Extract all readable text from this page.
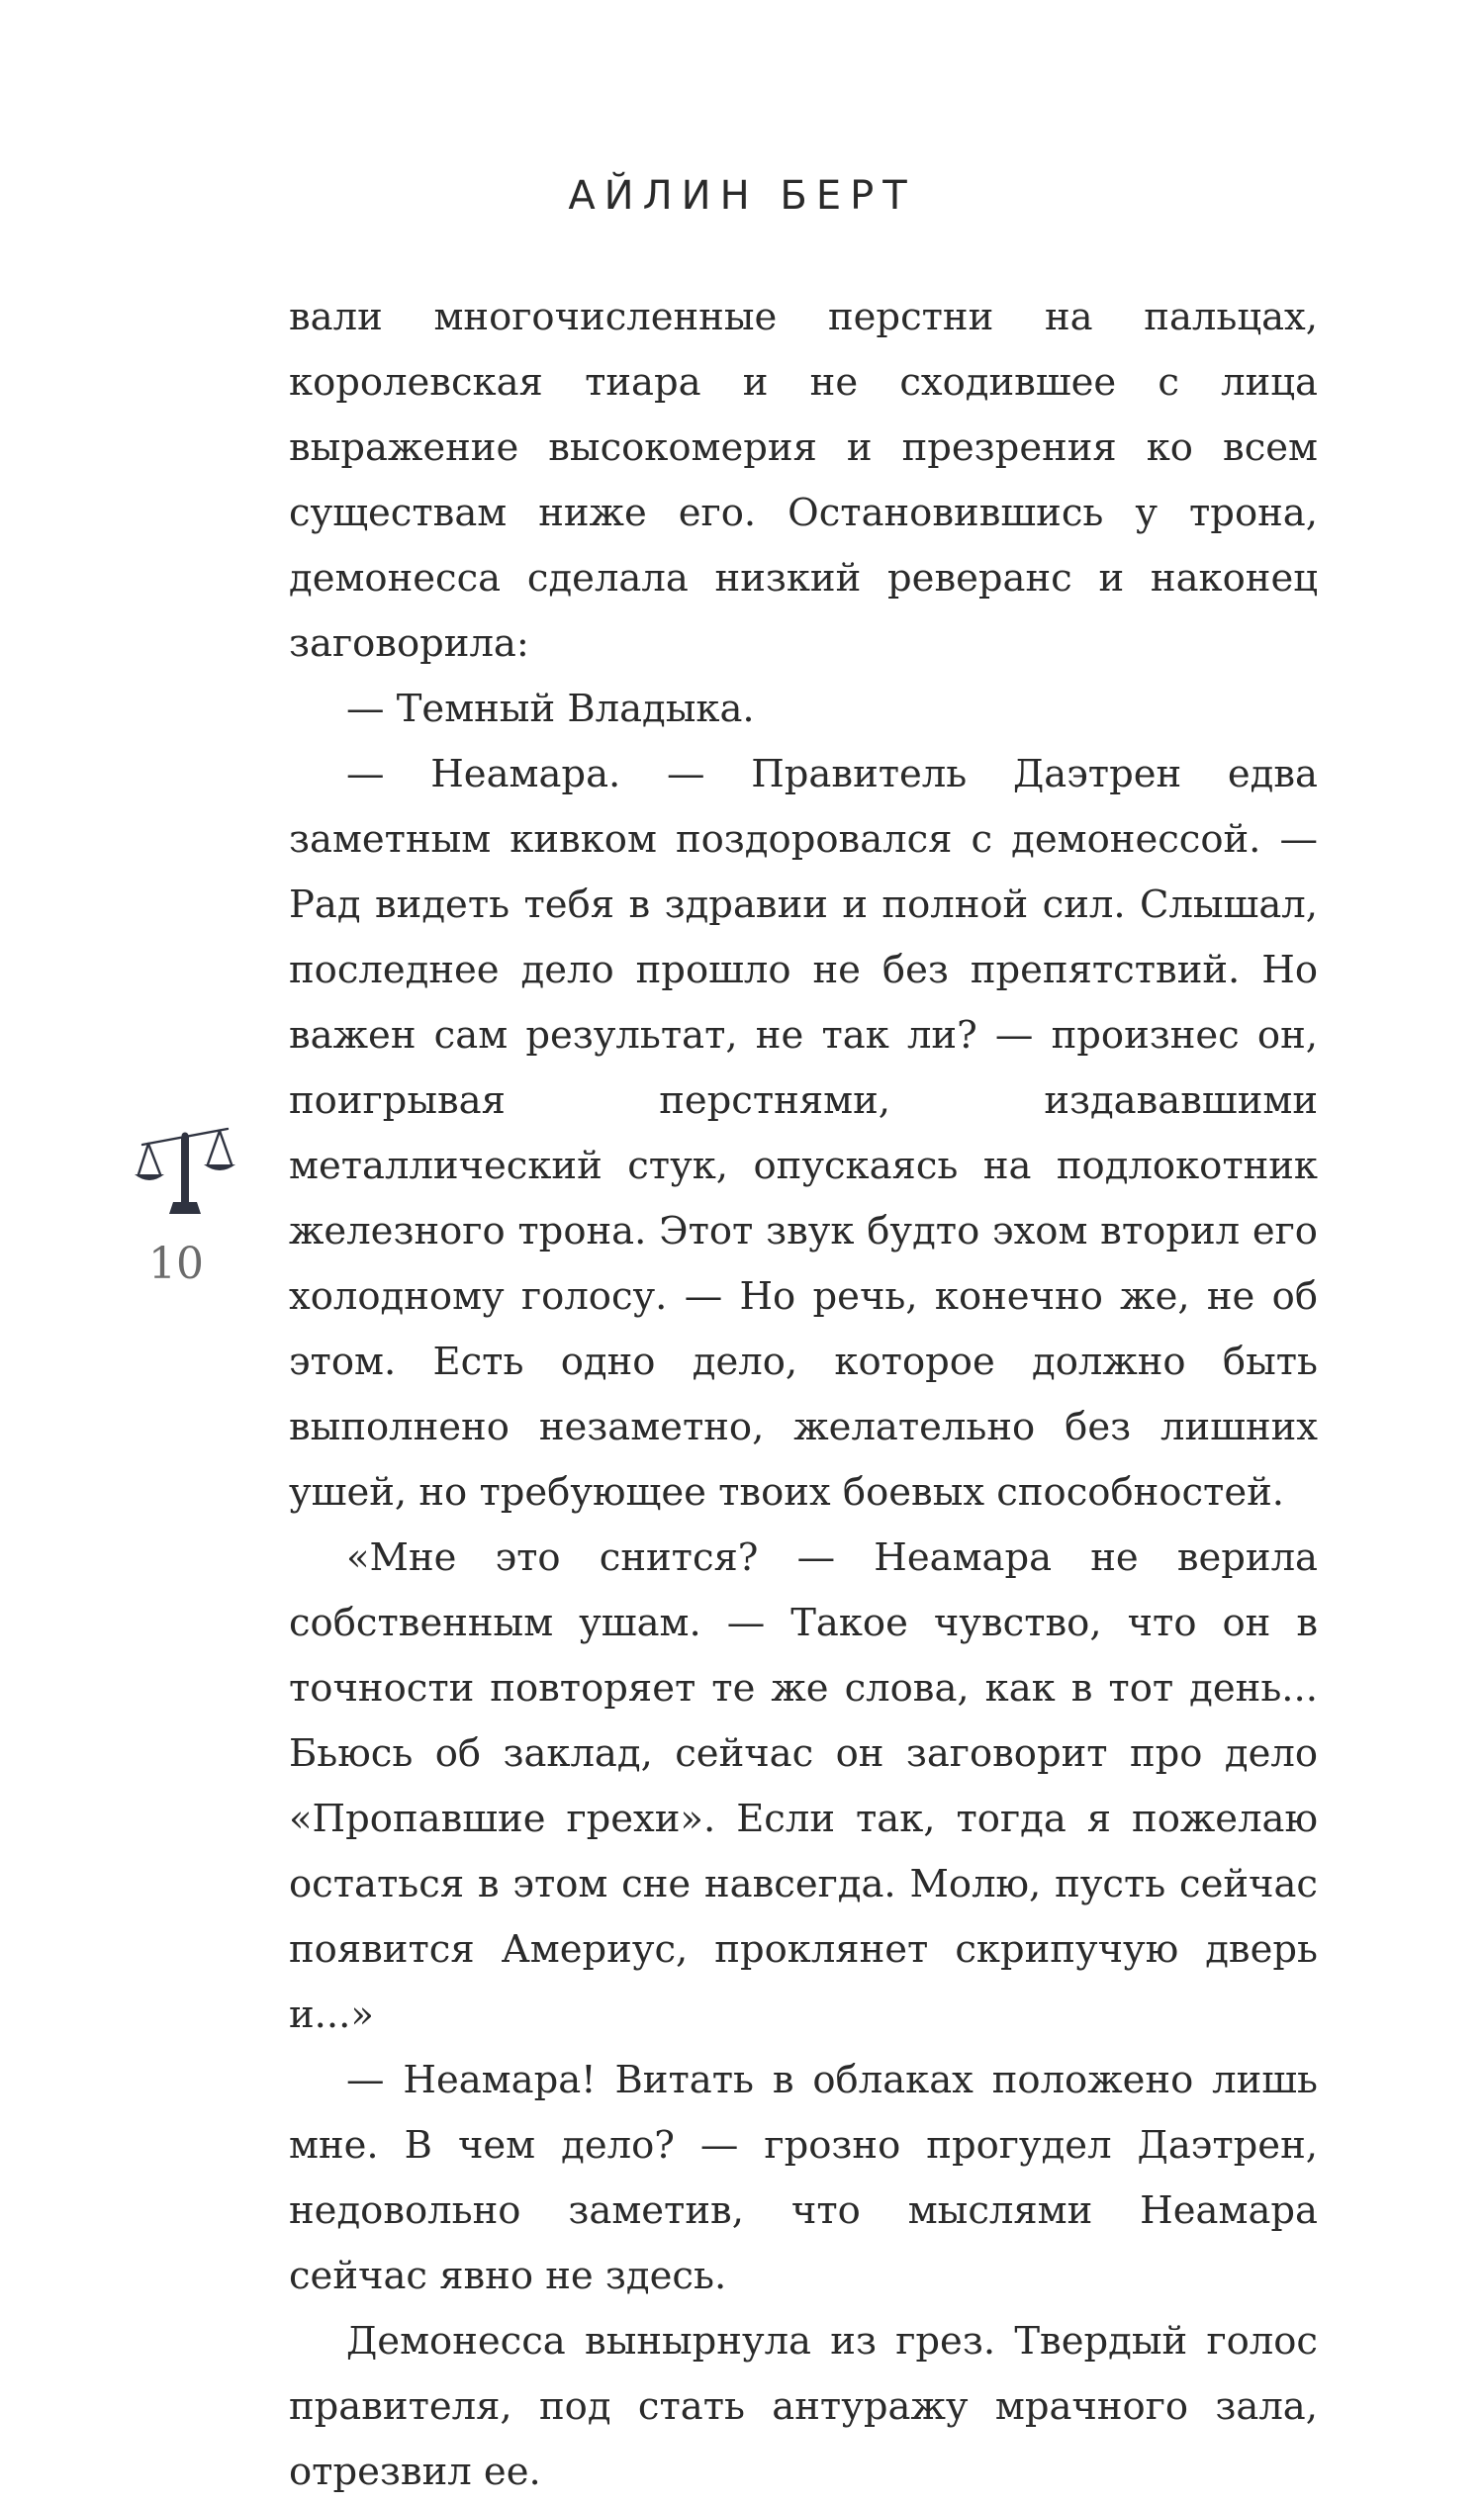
АЙЛИН БЕРТ

вали многочисленные перстни на пальцах, королевская тиара и не сходившее с лица выражение высокомерия и презрения ко всем существам ниже его. Остановившись у трона, демонесса сделала низкий реверанс и наконец заговорила:

— Темный Владыка.

— Неамара. — Правитель Даэтрен едва заметным кивком поздоровался с демонессой. — Рад видеть тебя в здравии и полной сил. Слышал, последнее дело прошло не без препятствий. Но важен сам результат, не так ли? — произнес он, поигрывая перстнями, издававшими металлический стук, опускаясь на подлокотник железного трона. Этот звук будто эхом вторил его холодному голосу. — Но речь, конечно же, не об этом. Есть одно дело, которое должно быть выполнено незаметно, желательно без лишних ушей, но требующее твоих боевых способностей.

«Мне это снится? — Неамара не верила собственным ушам. — Такое чувство, что он в точности повторяет те же слова, как в тот день... Бьюсь об заклад, сейчас он заговорит про дело «Пропавшие грехи». Если так, тогда я пожелаю остаться в этом сне навсегда. Молю, пусть сейчас появится Америус, проклянет скрипучую дверь и...»

— Неамара! Витать в облаках положено лишь мне. В чем дело? — грозно прогудел Даэтрен, недовольно заметив, что мыслями Неамара сейчас явно не здесь.

Демонесса вынырнула из грез. Твердый голос правителя, под стать антуражу мрачного зала, отрезвил ее.

10
